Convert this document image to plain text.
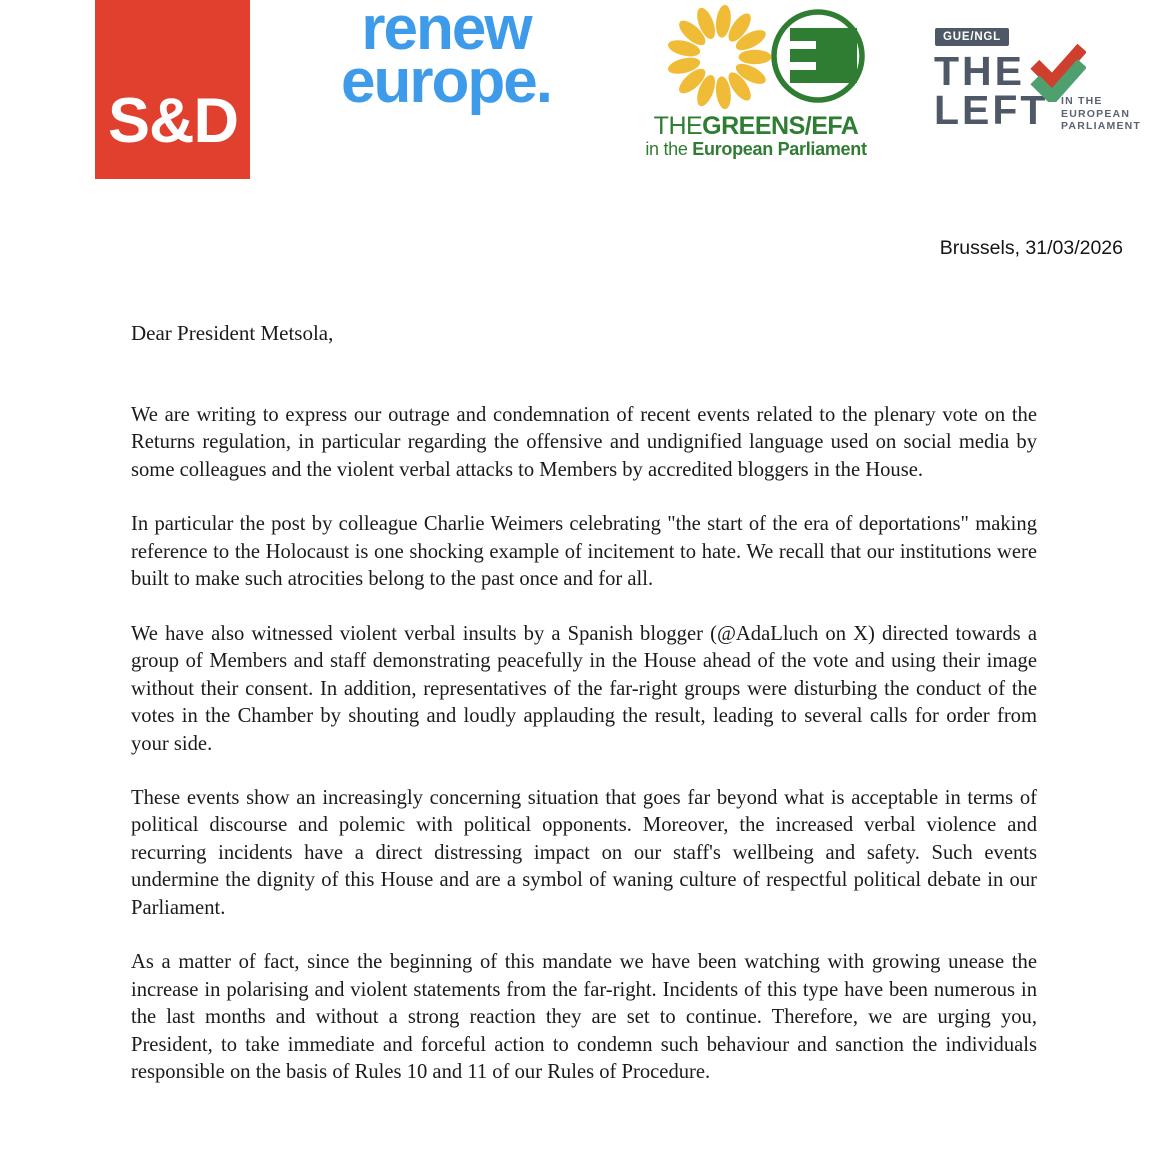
S&D
renew
europe.
THEGREENS/EFA
in the European Parliament
GUE/NGL
THE
LEFT IN THE
EUROPEAN
PARLIAMENT
Brussels, 31/03/2026
Dear President Metsola,

We are writing to express our outrage and condemnation of recent events related to the plenary vote on the Returns regulation, in particular regarding the offensive and undignified language used on social media by some colleagues and the violent verbal attacks to Members by accredited bloggers in the House.

In particular the post by colleague Charlie Weimers celebrating "the start of the era of deportations" making reference to the Holocaust is one shocking example of incitement to hate. We recall that our institutions were built to make such atrocities belong to the past once and for all.

We have also witnessed violent verbal insults by a Spanish blogger (@AdaLluch on X) directed towards a group of Members and staff demonstrating peacefully in the House ahead of the vote and using their image without their consent. In addition, representatives of the far-right groups were disturbing the conduct of the votes in the Chamber by shouting and loudly applauding the result, leading to several calls for order from your side.

These events show an increasingly concerning situation that goes far beyond what is acceptable in terms of political discourse and polemic with political opponents. Moreover, the increased verbal violence and recurring incidents have a direct distressing impact on our staff's wellbeing and safety. Such events undermine the dignity of this House and are a symbol of waning culture of respectful political debate in our Parliament.

As a matter of fact, since the beginning of this mandate we have been watching with growing unease the increase in polarising and violent statements from the far-right. Incidents of this type have been numerous in the last months and without a strong reaction they are set to continue. Therefore, we are urging you, President, to take immediate and forceful action to condemn such behaviour and sanction the individuals responsible on the basis of Rules 10 and 11 of our Rules of Procedure.
